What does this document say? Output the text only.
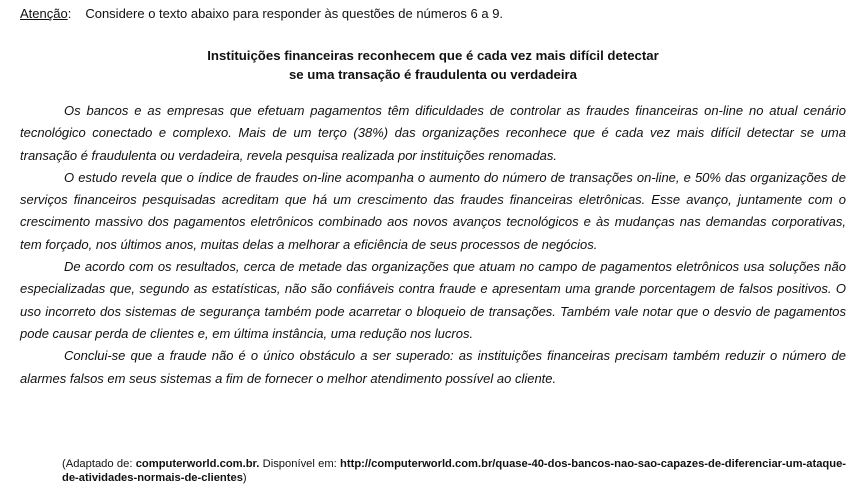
Atenção: Considere o texto abaixo para responder às questões de números 6 a 9.
Instituições financeiras reconhecem que é cada vez mais difícil detectar
se uma transação é fraudulenta ou verdadeira

Os bancos e as empresas que efetuam pagamentos têm dificuldades de controlar as fraudes financeiras on-line no atual cenário tecnológico conectado e complexo. Mais de um terço (38%) das organizações reconhece que é cada vez mais difícil detectar se uma transação é fraudulenta ou verdadeira, revela pesquisa realizada por instituições renomadas.

O estudo revela que o índice de fraudes on-line acompanha o aumento do número de transações on-line, e 50% das organizações de serviços financeiros pesquisadas acreditam que há um crescimento das fraudes financeiras eletrônicas. Esse avanço, juntamente com o crescimento massivo dos pagamentos eletrônicos combinado aos novos avanços tecnológicos e às mudanças nas demandas corporativas, tem forçado, nos últimos anos, muitas delas a melhorar a eficiência de seus processos de negócios.

De acordo com os resultados, cerca de metade das organizações que atuam no campo de pagamentos eletrônicos usa soluções não especializadas que, segundo as estatísticas, não são confiáveis contra fraude e apresentam uma grande porcentagem de falsos positivos. O uso incorreto dos sistemas de segurança também pode acarretar o bloqueio de transações. Também vale notar que o desvio de pagamentos pode causar perda de clientes e, em última instância, uma redução nos lucros.

Conclui-se que a fraude não é o único obstáculo a ser superado: as instituições financeiras precisam também reduzir o número de alarmes falsos em seus sistemas a fim de fornecer o melhor atendimento possível ao cliente.

(Adaptado de: computerworld.com.br. Disponível em: http://computerworld.com.br/quase-40-dos-bancos-nao-sao-capazes-de-diferenciar-um-ataque-de-atividades-normais-de-clientes)
